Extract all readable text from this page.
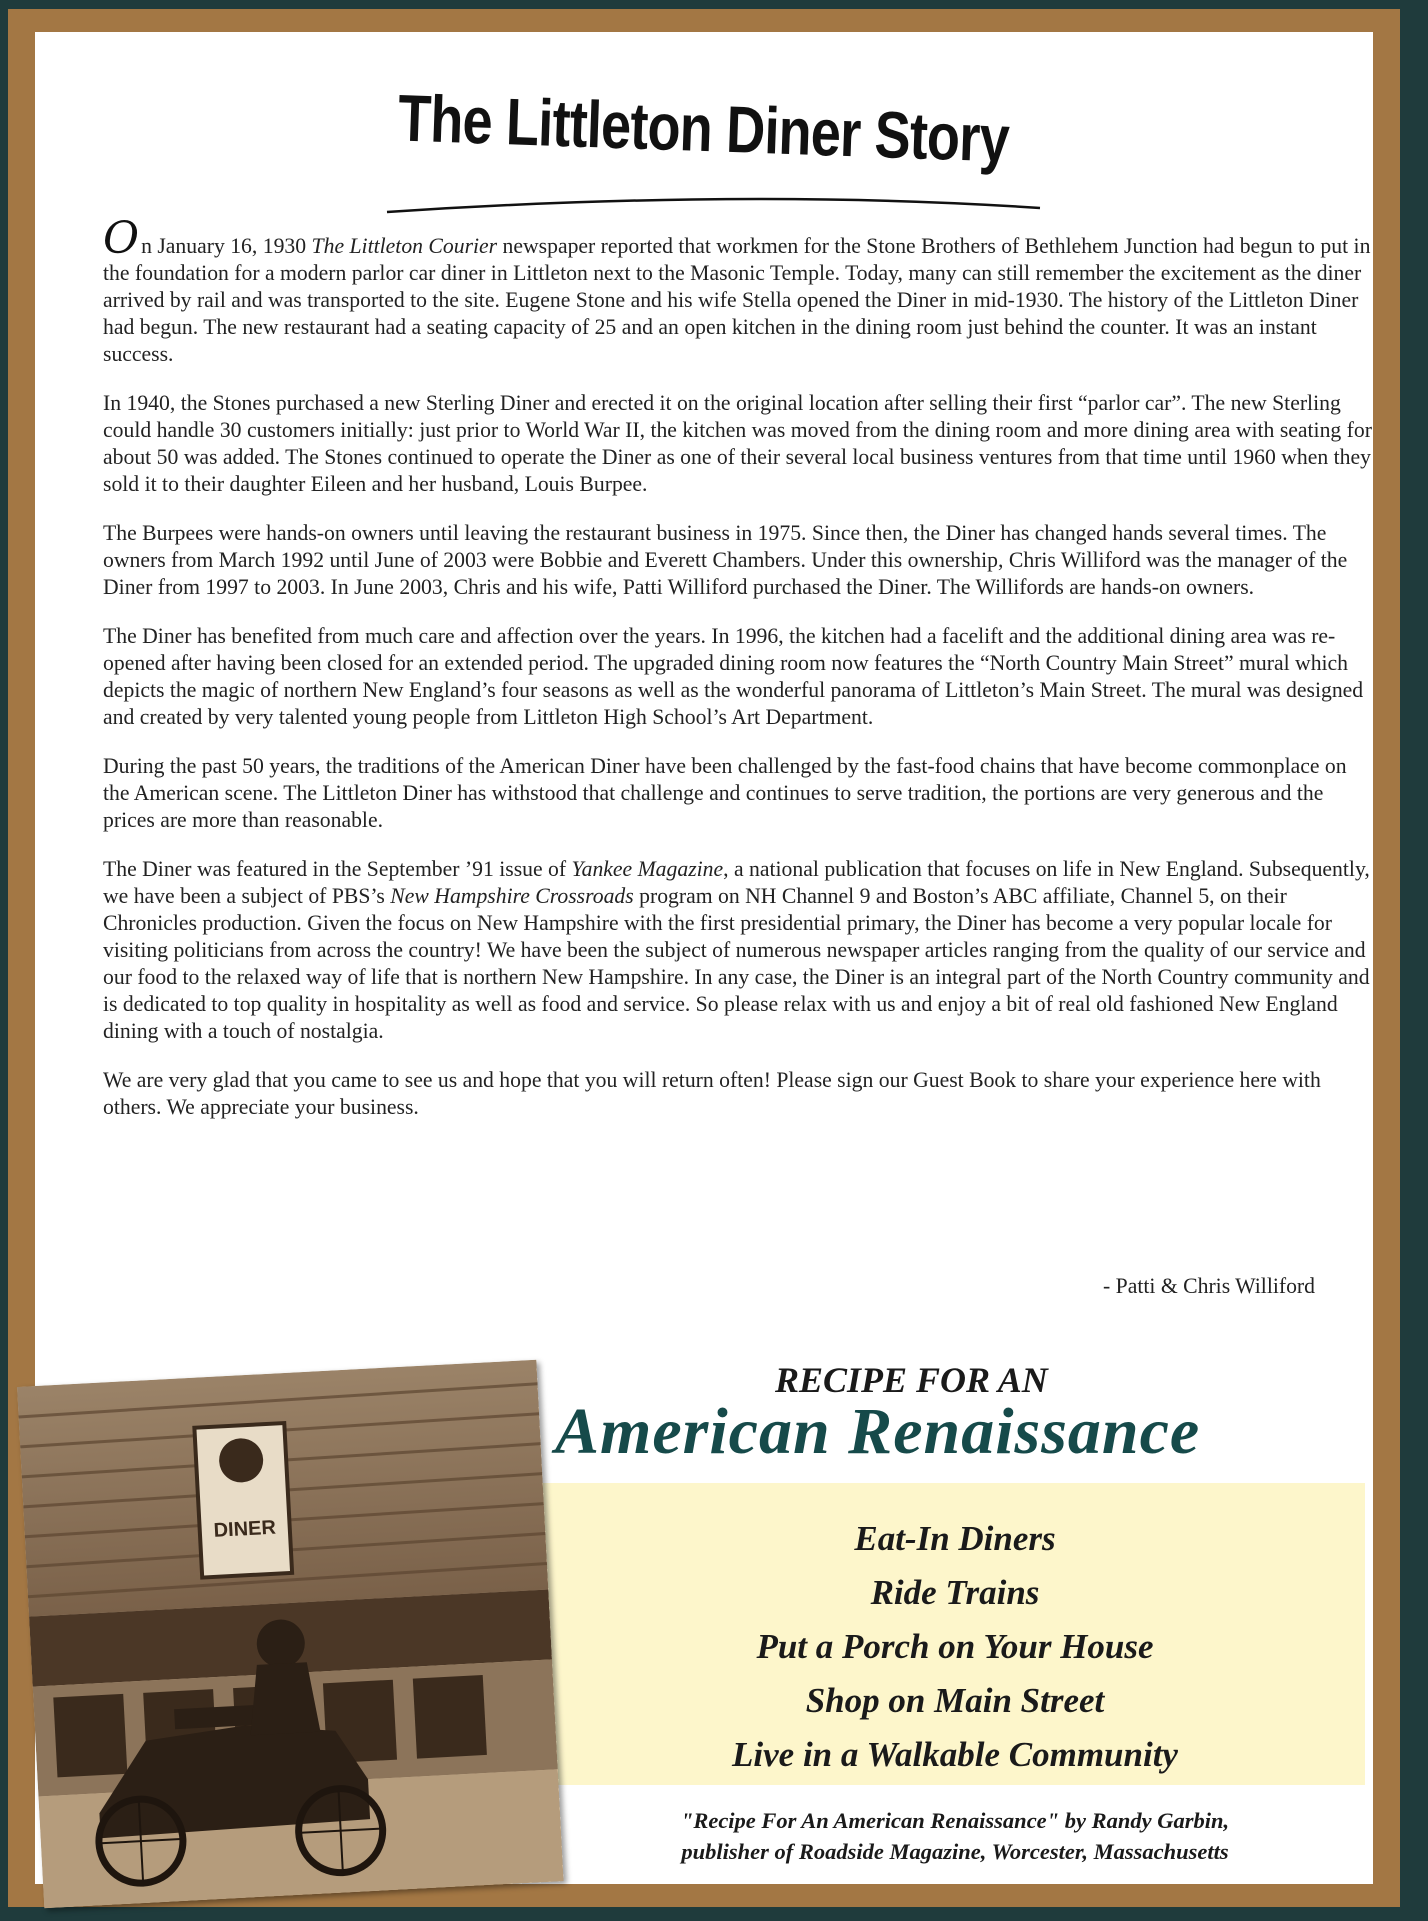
The Littleton Diner Story

On January 16, 1930 The Littleton Courier newspaper reported that workmen for the Stone Brothers of Bethlehem Junction had begun to put in the foundation for a modern parlor car diner in Littleton next to the Masonic Temple. Today, many can still remember the excitement as the diner arrived by rail and was transported to the site. Eugene Stone and his wife Stella opened the Diner in mid-1930. The history of the Littleton Diner had begun. The new restaurant had a seating capacity of 25 and an open kitchen in the dining room just behind the counter. It was an instant success.

In 1940, the Stones purchased a new Sterling Diner and erected it on the original location after selling their first “parlor car”. The new Sterling could handle 30 customers initially: just prior to World War II, the kitchen was moved from the dining room and more dining area with seating for about 50 was added. The Stones continued to operate the Diner as one of their several local business ventures from that time until 1960 when they sold it to their daughter Eileen and her husband, Louis Burpee.

The Burpees were hands-on owners until leaving the restaurant business in 1975. Since then, the Diner has changed hands several times. The owners from March 1992 until June of 2003 were Bobbie and Everett Chambers. Under this ownership, Chris Williford was the manager of the Diner from 1997 to 2003. In June 2003, Chris and his wife, Patti Williford purchased the Diner. The Willifords are hands-on owners.

The Diner has benefited from much care and affection over the years. In 1996, the kitchen had a facelift and the additional dining area was re-opened after having been closed for an extended period. The upgraded dining room now features the “North Country Main Street” mural which depicts the magic of northern New England’s four seasons as well as the wonderful panorama of Littleton’s Main Street. The mural was designed and created by very talented young people from Littleton High School’s Art Department.

During the past 50 years, the traditions of the American Diner have been challenged by the fast-food chains that have become commonplace on the American scene. The Littleton Diner has withstood that challenge and continues to serve tradition, the portions are very generous and the prices are more than reasonable.

The Diner was featured in the September ’91 issue of Yankee Magazine, a national publication that focuses on life in New England. Subsequently, we have been a subject of PBS’s New Hampshire Crossroads program on NH Channel 9 and Boston’s ABC affiliate, Channel 5, on their Chronicles production. Given the focus on New Hampshire with the first presidential primary, the Diner has become a very popular locale for visiting politicians from across the country! We have been the subject of numerous newspaper articles ranging from the quality of our service and our food to the relaxed way of life that is northern New Hampshire. In any case, the Diner is an integral part of the North Country community and is dedicated to top quality in hospitality as well as food and service. So please relax with us and enjoy a bit of real old fashioned New England dining with a touch of nostalgia.

We are very glad that you came to see us and hope that you will return often! Please sign our Guest Book to share your experience here with others. We appreciate your business.

- Patti & Chris Williford
RECIPE FOR AN
American Renaissance
Eat-In Diners
Ride Trains
Put a Porch on Your House
Shop on Main Street
Live in a Walkable Community
"Recipe For An American Renaissance" by Randy Garbin,
publisher of Roadside Magazine, Worcester, Massachusetts
DINER
